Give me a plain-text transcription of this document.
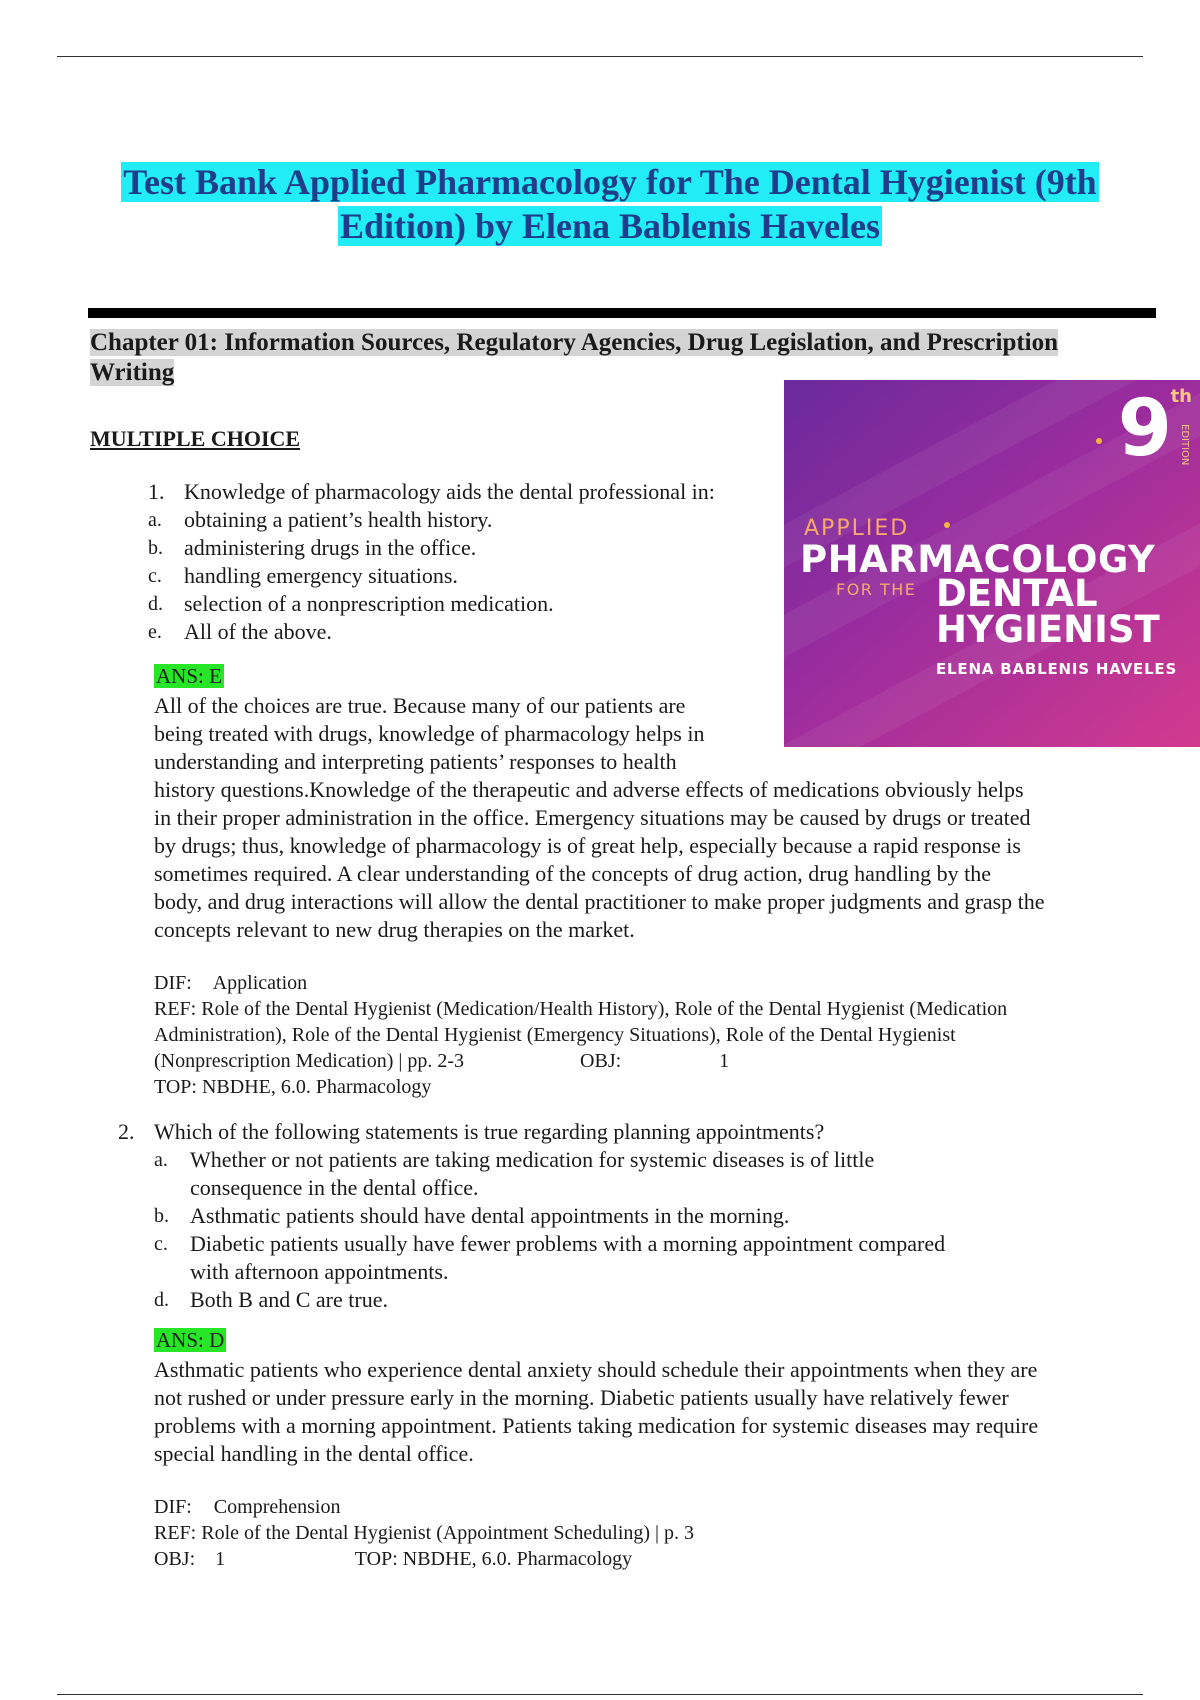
Test Bank Applied Pharmacology for The Dental Hygienist (9th
Edition) by Elena Bablenis Haveles
Chapter 01: Information Sources, Regulatory Agencies, Drug Legislation, and Prescription Writing
MULTIPLE CHOICE	9
th
EDITION
APPLIED
PHARMACOLOGY
FOR THE DENTAL
HYGIENIST
ELENA BABLENIS HAVELES
1. Knowledge of pharmacology aids the dental professional in:
a.	obtaining a patient’s health history.
b. administering drugs in the office.
c.	handling emergency situations.
d. selection of a nonprescription medication.
e.	All of the above.
ANS: E
All of the choices are true. Because many of our patients are
being treated with drugs, knowledge of pharmacology helps in
understanding and interpreting patients’ responses to health
history questions.Knowledge of the therapeutic and adverse effects of medications obviously helps
in their proper administration in the office. Emergency situations may be caused by drugs or treated
by drugs; thus, knowledge of pharmacology is of great help, especially because a rapid response is
sometimes required. A clear understanding of the concepts of drug action, drug handling by the
body, and drug interactions will allow the dental practitioner to make proper judgments and grasp the
concepts relevant to new drug therapies on the market.
DIF: Application
REF: Role of the Dental Hygienist (Medication/Health History), Role of the Dental Hygienist (Medication
Administration), Role of the Dental Hygienist (Emergency Situations), Role of the Dental Hygienist
(Nonprescription Medication) | pp. 2-3	OBJ:	1
TOP: NBDHE, 6.0. Pharmacology
2. Which of the following statements is true regarding planning appointments?
a.	Whether or not patients are taking medication for systemic diseases is of little consequence in the dental office.
b. Asthmatic patients should have dental appointments in the morning.
c.	Diabetic patients usually have fewer problems with a morning appointment compared with afternoon appointments.
d. Both B and C are true.
ANS: D
Asthmatic patients who experience dental anxiety should schedule their appointments when they are
not rushed or under pressure early in the morning. Diabetic patients usually have relatively fewer
problems with a morning appointment. Patients taking medication for systemic diseases may require
special handling in the dental office.
DIF: Comprehension
REF: Role of the Dental Hygienist (Appointment Scheduling) | p. 3
OBJ: 1	TOP: NBDHE, 6.0. Pharmacology
